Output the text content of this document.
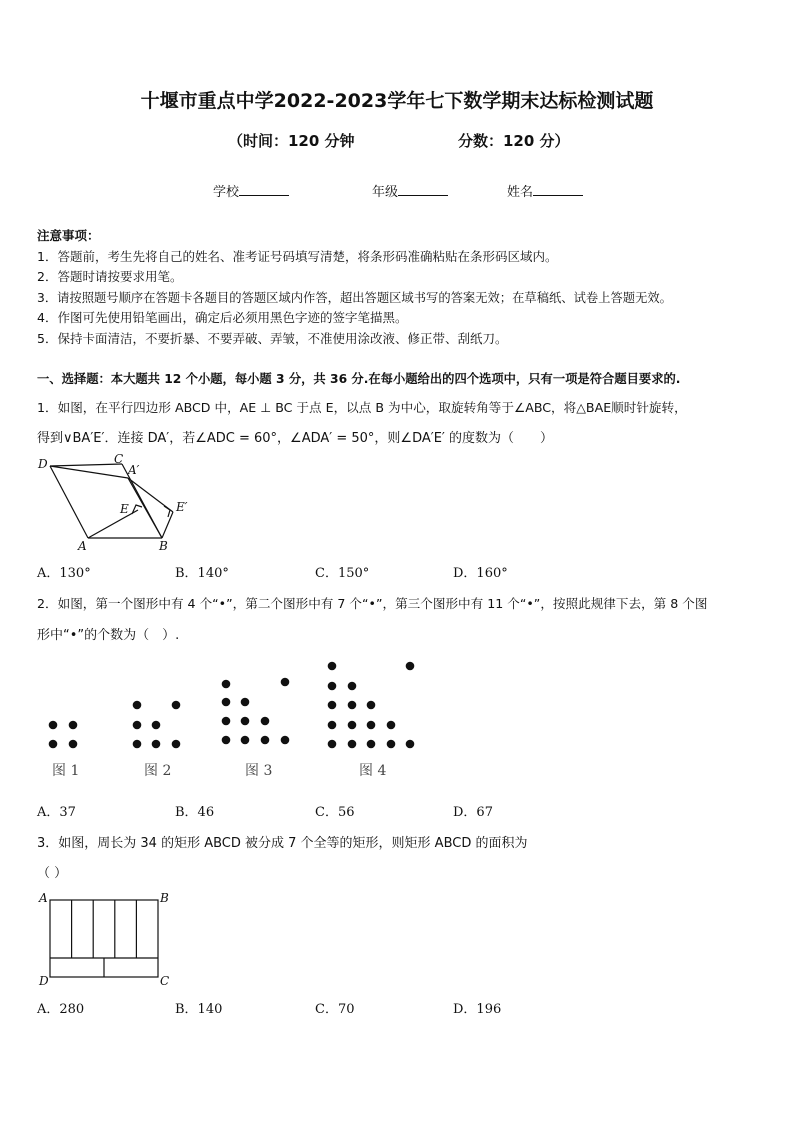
十堰市重点中学2022-2023学年七下数学期末达标检测试题
（时间：120 分钟	分数：120 分）
学校	年级	姓名
注意事项：
1．答题前，考生先将自己的姓名、准考证号码填写清楚，将条形码准确粘贴在条形码区域内。
2．答题时请按要求用笔。
3．请按照题号顺序在答题卡各题目的答题区域内作答，超出答题区域书写的答案无效；在草稿纸、试卷上答题无效。
4．作图可先使用铅笔画出，确定后必须用黑色字迹的签字笔描黑。
5．保持卡面清洁，不要折暴、不要弄破、弄皱，不准使用涂改液、修正带、刮纸刀。
一、选择题：本大题共 12 个小题，每小题 3 分，共 36 分.在每小题给出的四个选项中，只有一项是符合题目要求的.
1．如图，在平行四边形 ABCD 中，AE ⊥ BC 于点 E，以点 B 为中心，取旋转角等于∠ABC，将△BAE顺时针旋转，
得到∨BA′E′．连接 DA′，若∠ADC = 60°，∠ADA′ = 50°，则∠DA′E′ 的度数为（　　）
D	C
A′
E	E′
A	B
A．130°	B．140°	C．150°	D．160°
2．如图，第一个图形中有 4 个“•”，第二个图形中有 7 个“•”，第三个图形中有 11 个“•”，按照此规律下去，第 8 个图
形中“•”的个数为（　）.
图 1	图 2	图 3	图 4
A．37	B．46	C．56	D．67
3．如图，周长为 34 的矩形 ABCD 被分成 7 个全等的矩形，则矩形 ABCD 的面积为
（ ）
A	B
C
D
A．280	B．140	C．70	D．196
